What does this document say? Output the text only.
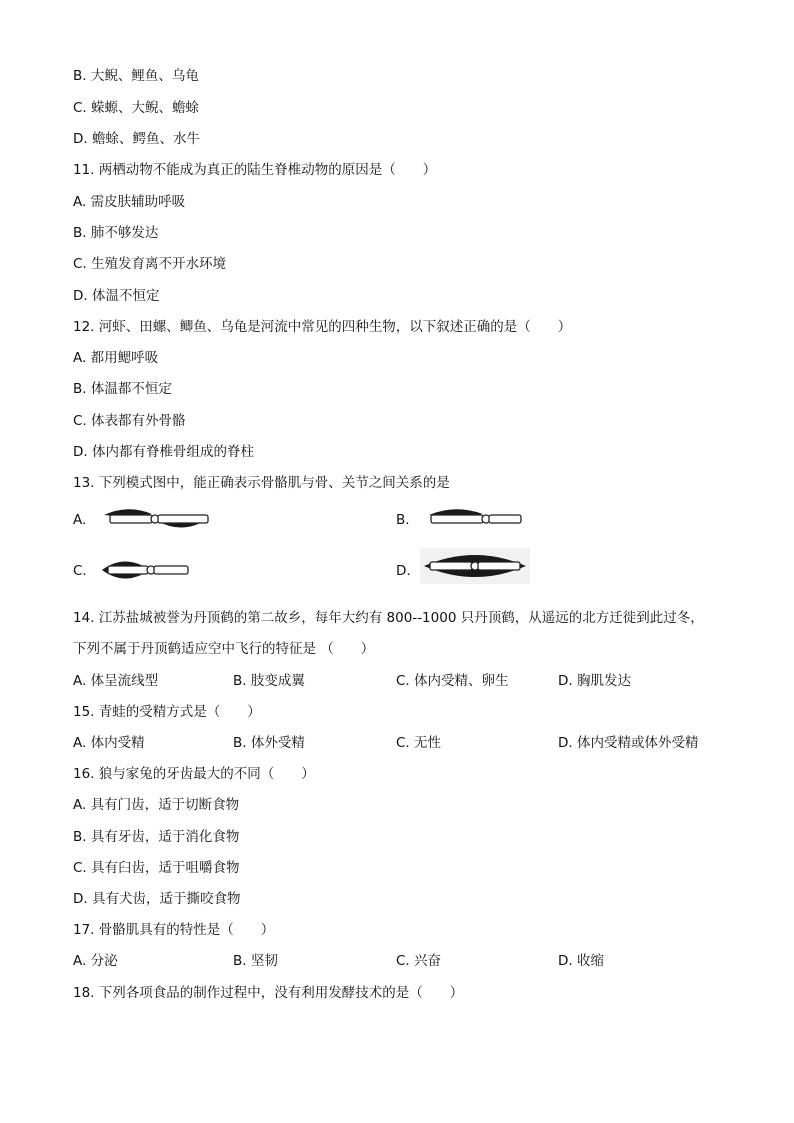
B. 大鲵、鲤鱼、乌龟
C. 蝾螈、大鲵、蟾蜍
D. 蟾蜍、鳄鱼、水牛
11. 两栖动物不能成为真正的陆生脊椎动物的原因是（　　）
A. 需皮肤辅助呼吸
B. 肺不够发达
C. 生殖发育离不开水环境
D. 体温不恒定
12. 河虾、田螺、鲫鱼、乌龟是河流中常见的四种生物，以下叙述正确的是（　　）
A. 都用鳃呼吸
B. 体温都不恒定
C. 体表都有外骨骼
D. 体内都有脊椎骨组成的脊柱
13. 下列模式图中，能正确表示骨骼肌与骨、关节之间关系的是
A.	B.
C.	D.
14. 江苏盐城被誉为丹顶鹤的第二故乡，每年大约有 800--1000 只丹顶鹤，从遥远的北方迁徙到此过冬，
下列不属于丹顶鹤适应空中飞行的特征是 （　　）
A. 体呈流线型	B. 肢变成翼	C. 体内受精、卵生	D. 胸肌发达
15. 青蛙的受精方式是（　　）
A. 体内受精	B. 体外受精	C. 无性	D. 体内受精或体外受精
16. 狼与家兔的牙齿最大的不同（　　）
A. 具有门齿，适于切断食物
B. 具有牙齿，适于消化食物
C. 具有臼齿，适于咀嚼食物
D. 具有犬齿，适于撕咬食物
17. 骨骼肌具有的特性是（　　）
A. 分泌	B. 坚韧	C. 兴奋	D. 收缩
18. 下列各项食品的制作过程中，没有利用发酵技术的是（　　）
